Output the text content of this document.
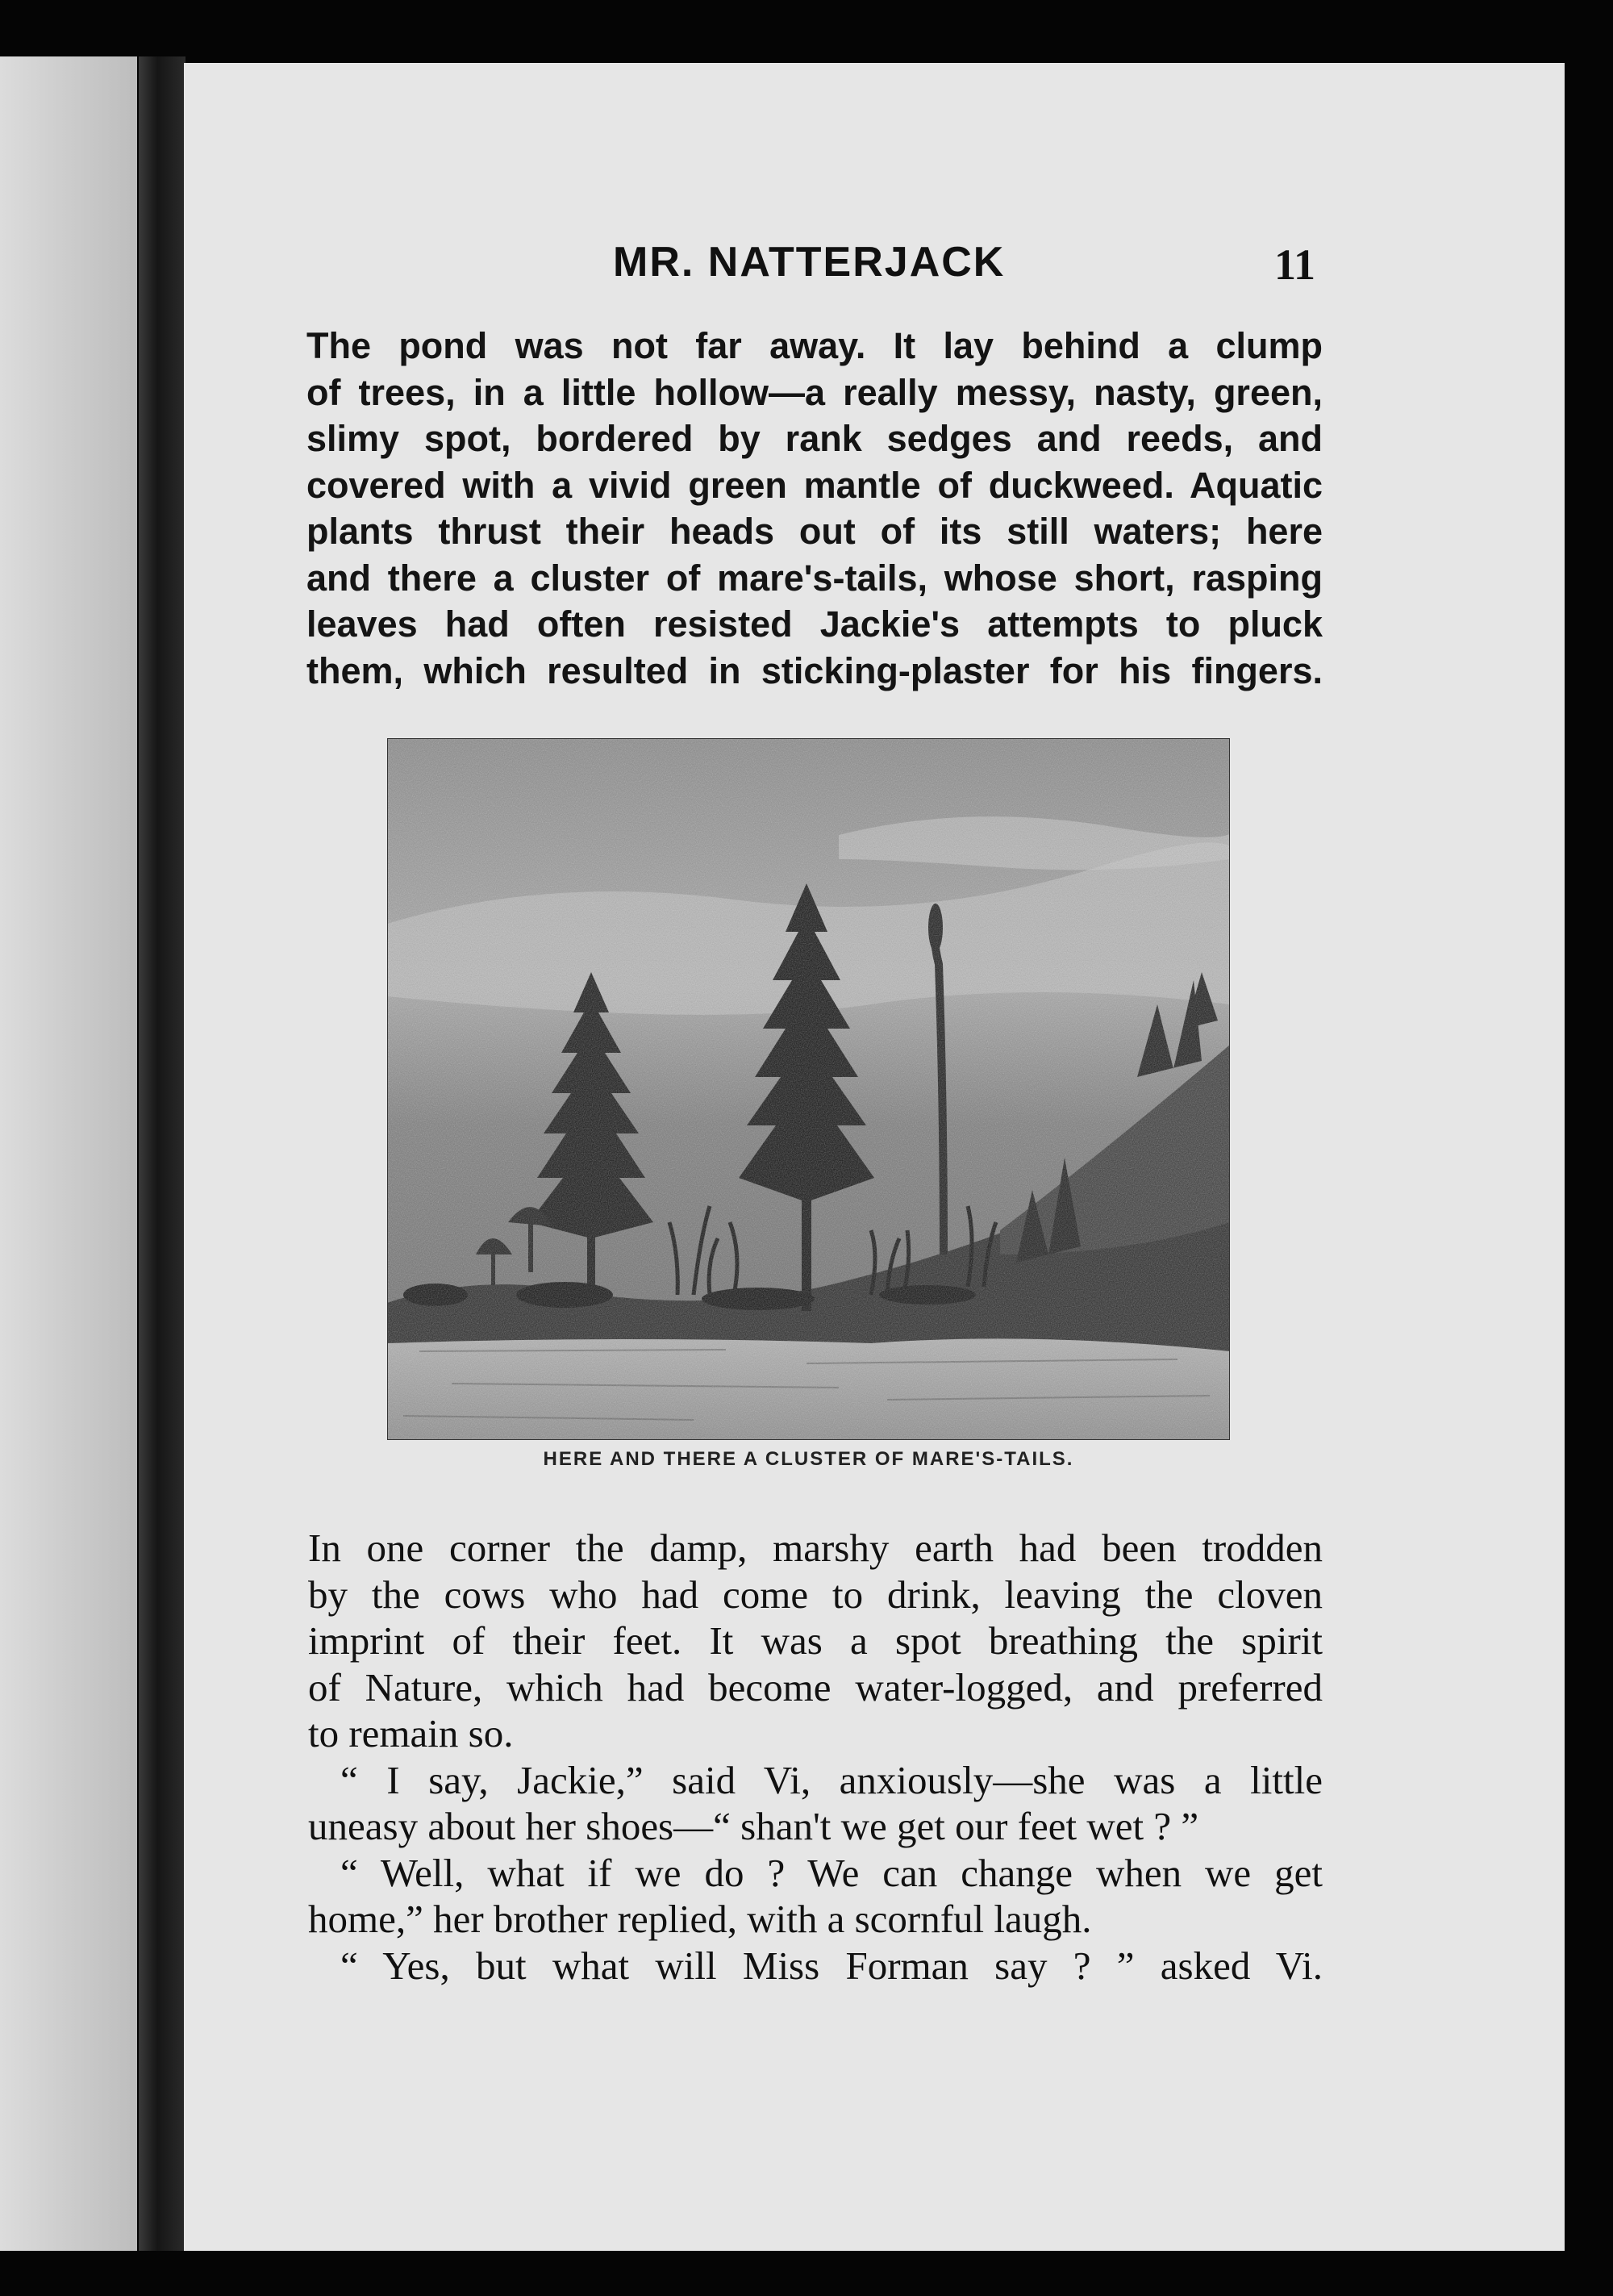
MR. NATTERJACK	11

The pond was not far away. It lay behind a clump
of trees, in a little hollow—a really messy, nasty, green,
slimy spot, bordered by rank sedges and reeds, and
covered with a vivid green mantle of duckweed. Aquatic
plants thrust their heads out of its still waters; here
and there a cluster of mare's-tails, whose short, rasping
leaves had often resisted Jackie's attempts to pluck
them, which resulted in sticking-plaster for his fingers.

HERE AND THERE A CLUSTER OF MARE'S-TAILS.

In one corner the damp, marshy earth had been trodden
by the cows who had come to drink, leaving the cloven
imprint of their feet. It was a spot breathing the spirit
of Nature, which had become water-logged, and preferred
to remain so.
“ I say, Jackie,” said Vi, anxiously—she was a little
uneasy about her shoes—“ shan't we get our feet wet ? ”
“ Well, what if we do ? We can change when we get
home,” her brother replied, with a scornful laugh.
“ Yes, but what will Miss Forman say ? ” asked Vi.
